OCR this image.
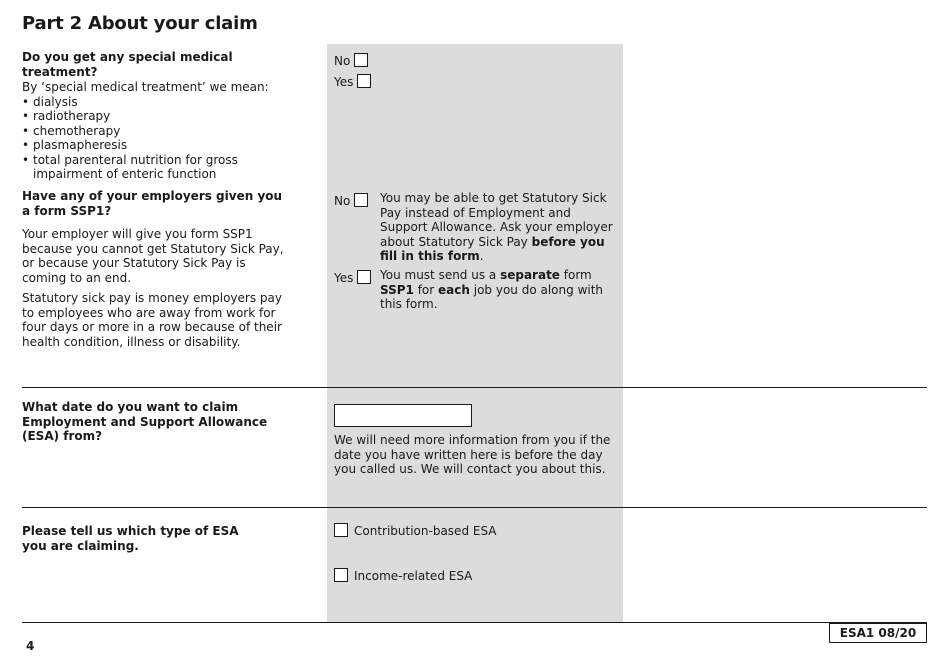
Part 2 About your claim
Do you get any special medical treatment?
By ‘special medical treatment’ we mean:
• dialysis
• radiotherapy
• chemotherapy
• plasmapheresis
• total parenteral nutrition for gross impairment of enteric function
No
Yes

Have any of your employers given you a form SSP1?

Your employer will give you form SSP1 because you cannot get Statutory Sick Pay, or because your Statutory Sick Pay is coming to an end.

Statutory sick pay is money employers pay to employees who are away from work for four days or more in a row because of their health condition, illness or disability.

No	You may be able to get Statutory Sick Pay instead of Employment and Support Allowance. Ask your employer about Statutory Sick Pay before you fill in this form.
Yes	You must send us a separate form SSP1 for each job you do along with this form.
What date do you want to claim Employment and Support Allowance (ESA) from?	We will need more information from you if the date you have written here is before the day you called us. We will contact you about this.
Please tell us which type of ESA you are claiming.
Contribution-based ESA
Income-related ESA
4
ESA1 08/20
